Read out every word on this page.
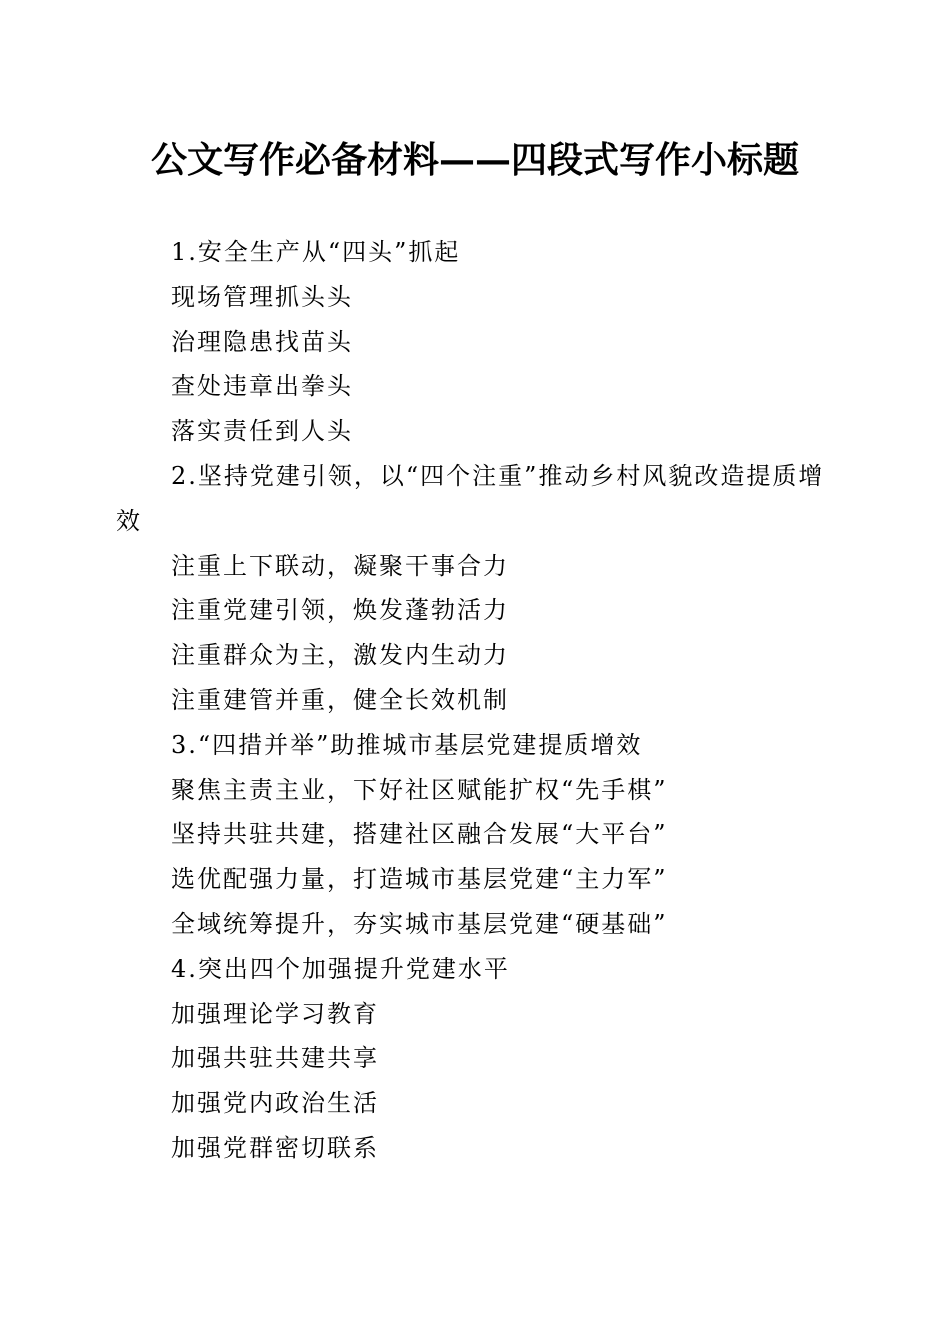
公文写作必备材料——四段式写作小标题

1.安全生产从“四头”抓起

现场管理抓头头

治理隐患找苗头

查处违章出拳头

落实责任到人头

2.坚持党建引领，以“四个注重”推动乡村风貌改造提质增效

注重上下联动，凝聚干事合力

注重党建引领，焕发蓬勃活力

注重群众为主，激发内生动力

注重建管并重，健全长效机制

3.“四措并举”助推城市基层党建提质增效

聚焦主责主业，下好社区赋能扩权“先手棋”

坚持共驻共建，搭建社区融合发展“大平台”

选优配强力量，打造城市基层党建“主力军”

全域统筹提升，夯实城市基层党建“硬基础”

4.突出四个加强提升党建水平

加强理论学习教育

加强共驻共建共享

加强党内政治生活

加强党群密切联系
